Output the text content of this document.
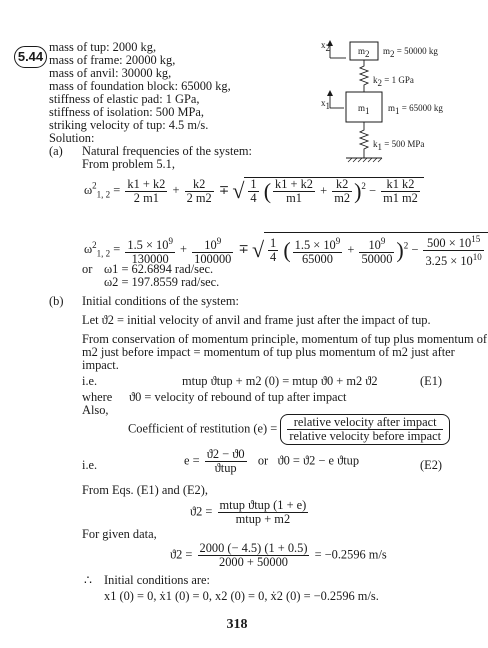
5.44
mass of tup: 2000 kg,
mass of frame: 20000 kg,
mass of anvil: 30000 kg,
mass of foundation block: 65000 kg,
stiffness of elastic pad: 1 GPa,
stiffness of isolation: 500 MPa,
striking velocity of tup: 4.5 m/s.
$x_2$	$m_2$ $m_2 = 50000$ kg
$k_2 = 1$ GPa
$x_1$	$m_1$ $m_1 = 65000$ kg
$k_1 = 500$ MPa
Solution:
(a) Natural frequencies of the system:
From problem 5.1,
$\omega^2_{1, 2} = \frac{k1 + k2}{2 m1} + \frac{k2}{2 m2}$ ∓ √ $\frac{1}{4}$ ( $\frac{k1 + k2}{m1} + \frac{k2}{m2} )^2 - \frac{k1 k2}{m1 m2}$
$\omega^2_{1, 2} = \frac{1.5 \times 10^9}{130000} + \frac{10^9}{100000}$ ∓ √ $\frac{1}{4}$ ( $\frac{1.5 \times 10^9}{65000} + \frac{10^9}{50000} )^2 - \frac{500 \times 10^{15}}{3.25 \times 10^{10}}$
or ω1 = 62.6894 rad/sec.
ω2 = 197.8559 rad/sec.
(b) Initial conditions of the system:
Let ϑ2 = initial velocity of anvil and frame just after the impact of tup.
From conservation of momentum principle, momentum of tup plus momentum of
m2 just before impact = momentum of tup plus momentum of m2 just after
impact.
i.e.	mtup ϑtup + m2 (0) = mtup ϑ0 + m2 ϑ2	(E1)
where ϑ0 = velocity of rebound of tup after impact
Also,
Coefficient of restitution $(e) = \frac{\text{relative velocity after impact}}{\text{relative velocity before impact}}$
i.e.	$e = \frac{ϑ2 - ϑ0}{\text{ϑtup}}$ or ϑ0 = ϑ2 − e ϑtup	(E2)
From Eqs. (E1) and (E2),
$ϑ2 = \frac{\text{mtup ϑtup (1 + e)}}{\text{mtup + m2}}$
For given data,
$ϑ2 = \frac{2000 (- 4.5) (1 + 0.5)}{2000 + 50000} = -0.2596$ m/s
∴ Initial conditions are:
x1 (0) = 0, ẋ1 (0) = 0, x2 (0) = 0, ẋ2 (0) = −0.2596 m/s.
318
